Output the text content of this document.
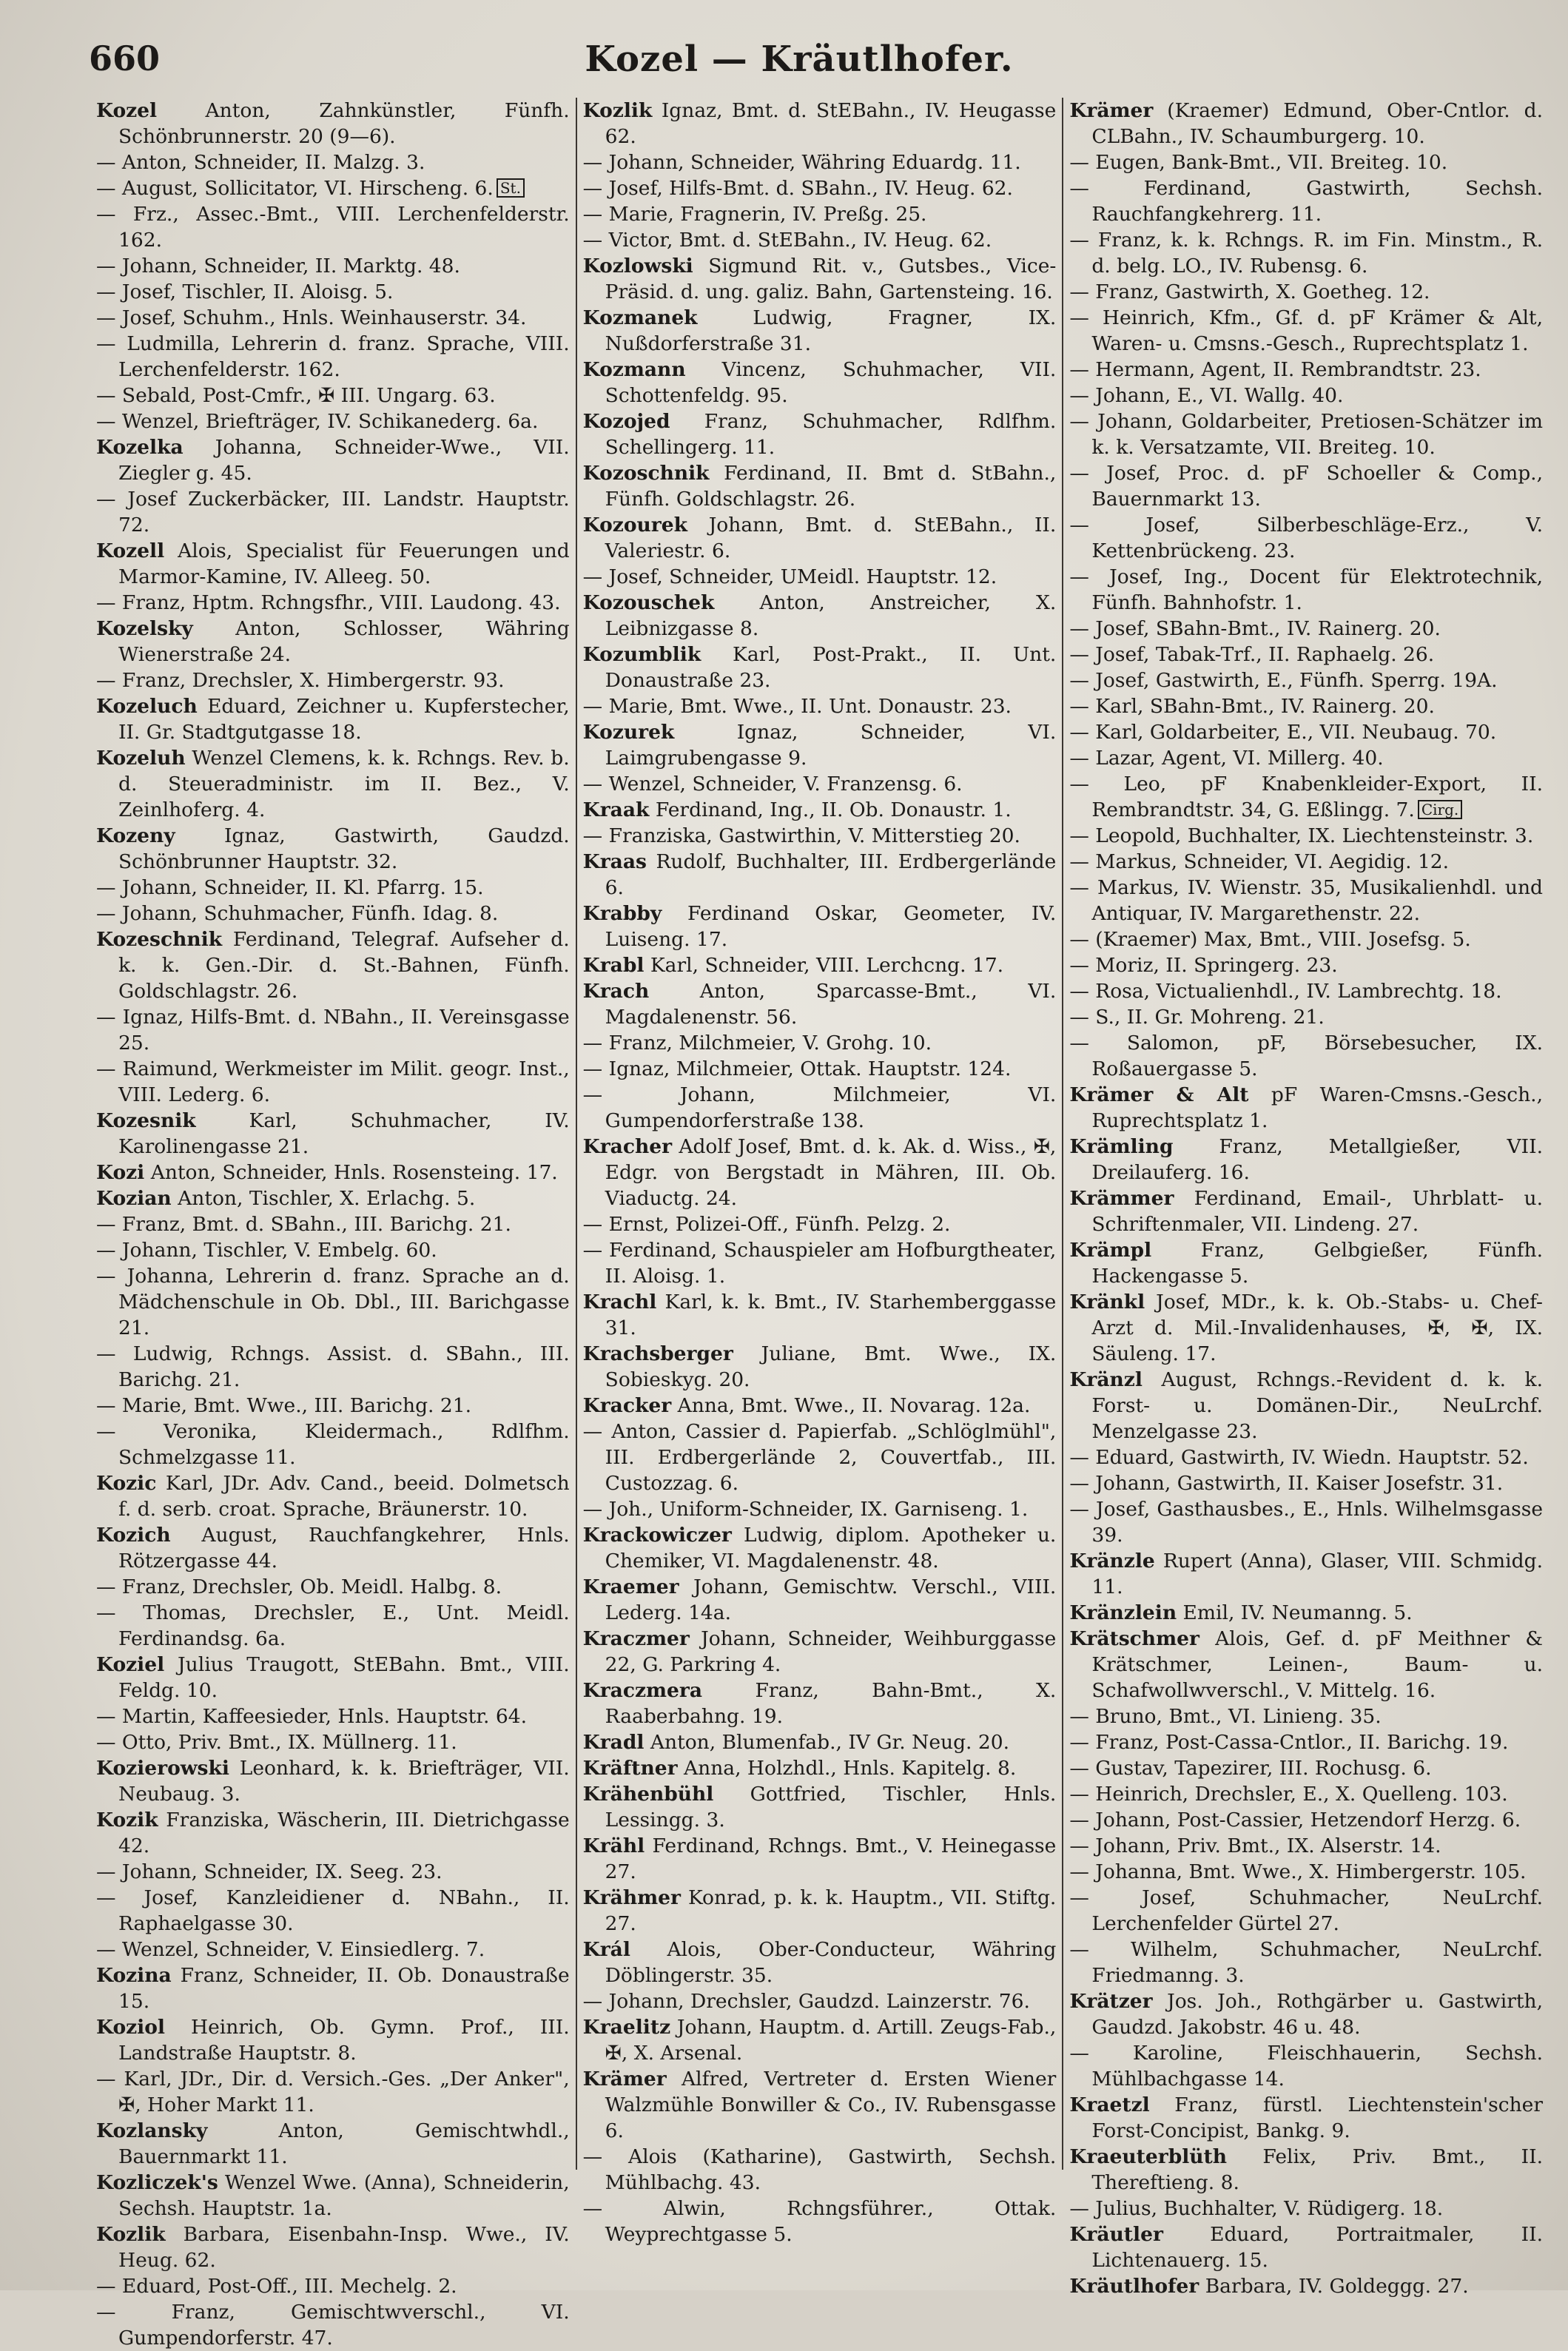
660	Kozel — Kräutlhofer.

Kozel Anton, Zahnkünstler, Fünfh. Schönbrunnerstr. 20 (9—6).

— Anton, Schneider, II. Malzg. 3.

— August, Sollicitator, VI. Hirscheng. 6. St.

— Frz., Assec.-Bmt., VIII. Lerchenfelderstr. 162.

— Johann, Schneider, II. Marktg. 48.

— Josef, Tischler, II. Aloisg. 5.

— Josef, Schuhm., Hnls. Weinhauserstr. 34.

— Ludmilla, Lehrerin d. franz. Sprache, VIII. Lerchenfelderstr. 162.

— Sebald, Post-Cmfr., ✠ III. Ungarg. 63.

— Wenzel, Briefträger, IV. Schikanederg. 6a.

Kozelka Johanna, Schneider-Wwe., VII. Ziegler g. 45.

— Josef Zuckerbäcker, III. Landstr. Hauptstr. 72.

Kozell Alois, Specialist für Feuerungen und Marmor-Kamine, IV. Alleeg. 50.

— Franz, Hptm. Rchngsfhr., VIII. Laudong. 43.

Kozelsky Anton, Schlosser, Währing Wienerstraße 24.

— Franz, Drechsler, X. Himbergerstr. 93.

Kozeluch Eduard, Zeichner u. Kupferstecher, II. Gr. Stadtgutgasse 18.

Kozeluh Wenzel Clemens, k. k. Rchngs. Rev. b. d. Steueradministr. im II. Bez., V. Zeinlhoferg. 4.

Kozeny	Ignaz, Gastwirth, Gaudzd. Schönbrunner Hauptstr. 32.

— Johann, Schneider, II. Kl. Pfarrg. 15.

— Johann, Schuhmacher, Fünfh. Idag. 8.

Kozeschnik Ferdinand, Telegraf. Aufseher d. k. k. Gen.-Dir. d. St.-Bahnen, Fünfh. Goldschlagstr. 26.

— Ignaz, Hilfs-Bmt. d. NBahn., II. Vereinsgasse 25.

— Raimund, Werkmeister im Milit. geogr. Inst., VIII. Lederg. 6.

Kozesnik	Karl, Schuhmacher, IV. Karolinengasse 21.

Kozi Anton, Schneider, Hnls. Rosensteing. 17.

Kozian Anton, Tischler, X. Erlachg. 5.

— Franz, Bmt. d. SBahn., III. Barichg. 21.

— Johann, Tischler, V. Embelg. 60.

— Johanna, Lehrerin d. franz. Sprache an d. Mädchenschule in Ob. Dbl., III. Barichgasse 21.

— Ludwig, Rchngs. Assist. d. SBahn., III. Barichg. 21.

— Marie, Bmt. Wwe., III. Barichg. 21.

— Veronika, Kleidermach., Rdlfhm. Schmelzgasse 11.

Kozic Karl, JDr. Adv. Cand., beeid. Dolmetsch f. d. serb. croat. Sprache, Bräunerstr. 10.

Kozich August, Rauchfangkehrer, Hnls. Rötzergasse 44.

— Franz, Drechsler, Ob. Meidl. Halbg. 8.

— Thomas, Drechsler, E., Unt. Meidl. Ferdinandsg. 6a.

Koziel Julius Traugott, StEBahn. Bmt., VIII. Feldg. 10.

— Martin, Kaffeesieder, Hnls. Hauptstr. 64.

— Otto, Priv. Bmt., IX. Müllnerg. 11.

Kozierowski Leonhard, k. k. Briefträger, VII. Neubaug. 3.

Kozik Franziska, Wäscherin, III. Dietrichgasse 42.

— Johann, Schneider, IX. Seeg. 23.

— Josef, Kanzleidiener d. NBahn., II. Raphaelgasse 30.

— Wenzel, Schneider, V. Einsiedlerg. 7.

Kozina Franz, Schneider, II. Ob. Donaustraße 15.

Koziol Heinrich, Ob. Gymn. Prof., III. Landstraße Hauptstr. 8.

— Karl, JDr., Dir. d. Versich.-Ges. „Der Anker", ✠, Hoher Markt 11.

Kozlansky	Anton, Gemischtwhdl., Bauernmarkt 11.

Kozliczek's Wenzel Wwe. (Anna), Schneiderin, Sechsh. Hauptstr. 1a.

Kozlik Barbara, Eisenbahn-Insp. Wwe., IV. Heug. 62.

— Eduard, Post-Off., III. Mechelg. 2.

— Franz, Gemischtwverschl., VI. Gumpendorferstr. 47.

Kozlik Ignaz, Bmt. d. StEBahn., IV. Heugasse 62.

— Johann, Schneider, Währing Eduardg. 11.

— Josef, Hilfs-Bmt. d. SBahn., IV. Heug. 62.

— Marie, Fragnerin, IV. Preßg. 25.

— Victor, Bmt. d. StEBahn., IV. Heug. 62.

Kozlowski Sigmund Rit. v., Gutsbes., Vice-Präsid. d. ung. galiz. Bahn, Gartensteing. 16.

Kozmanek	Ludwig, Fragner, IX. Nußdorferstraße 31.

Kozmann Vincenz, Schuhmacher, VII. Schottenfeldg. 95.

Kozojed Franz, Schuhmacher, Rdlfhm. Schellingerg. 11.

Kozoschnik Ferdinand, II. Bmt d. StBahn., Fünfh. Goldschlagstr. 26.

Kozourek Johann, Bmt. d. StEBahn., II. Valeriestr. 6.

— Josef, Schneider, UMeidl. Hauptstr. 12.

Kozouschek Anton, Anstreicher, X. Leibnizgasse 8.

Kozumblik Karl, Post-Prakt., II. Unt. Donaustraße 23.

— Marie, Bmt. Wwe., II. Unt. Donaustr. 23.

Kozurek	Ignaz, Schneider, VI. Laimgrubengasse 9.

— Wenzel, Schneider, V. Franzensg. 6.

Kraak Ferdinand, Ing., II. Ob. Donaustr. 1.

— Franziska, Gastwirthin, V. Mitterstieg 20.

Kraas Rudolf, Buchhalter, III. Erdbergerlände 6.

Krabby Ferdinand Oskar, Geometer, IV. Luiseng. 17.

Krabl Karl, Schneider, VIII. Lerchcng. 17.

Krach	Anton, Sparcasse-Bmt., VI. Magdalenenstr. 56.

— Franz, Milchmeier, V. Grohg. 10.

— Ignaz, Milchmeier, Ottak. Hauptstr. 124.

— Johann, Milchmeier, VI. Gumpendorferstraße 138.

Kracher Adolf Josef, Bmt. d. k. Ak. d. Wiss., ✠, Edgr. von Bergstadt in Mähren, III. Ob. Viaductg. 24.

— Ernst, Polizei-Off., Fünfh. Pelzg. 2.

— Ferdinand, Schauspieler am Hofburgtheater, II. Aloisg. 1.

Krachl Karl, k. k. Bmt., IV. Starhemberggasse 31.

Krachsberger Juliane, Bmt. Wwe., IX. Sobieskyg. 20.

Kracker Anna, Bmt. Wwe., II. Novarag. 12a.

— Anton, Cassier d. Papierfab. „Schlöglmühl", III. Erdbergerlände 2, Couvertfab., III. Custozzag. 6.

— Joh., Uniform-Schneider, IX. Garniseng. 1.

Krackowiczer Ludwig, diplom. Apotheker u. Chemiker, VI. Magdalenenstr. 48.

Kraemer Johann, Gemischtw. Verschl., VIII. Lederg. 14a.

Kraczmer Johann, Schneider, Weihburggasse 22, G. Parkring 4.

Kraczmera	Franz, Bahn-Bmt., X. Raaberbahng. 19.

Kradl Anton, Blumenfab., IV Gr. Neug. 20.

Kräftner Anna, Holzhdl., Hnls. Kapitelg. 8.

Krähenbühl Gottfried, Tischler, Hnls. Lessingg. 3.

Krähl Ferdinand, Rchngs. Bmt., V. Heinegasse 27.

Krähmer Konrad, p. k. k. Hauptm., VII. Stiftg. 27.

Král Alois, Ober-Conducteur, Währing Döblingerstr. 35.

— Johann, Drechsler, Gaudzd. Lainzerstr. 76.

Kraelitz Johann, Hauptm. d. Artill. Zeugs-Fab., ✠, X. Arsenal.

Krämer Alfred, Vertreter d. Ersten Wiener Walzmühle Bonwiller & Co., IV. Rubensgasse 6.

— Alois (Katharine), Gastwirth, Sechsh. Mühlbachg. 43.

— Alwin, Rchngsführer., Ottak. Weyprechtgasse 5.

Krämer (Kraemer) Edmund, Ober-Cntlor. d. CLBahn., IV. Schaumburgerg. 10.

— Eugen, Bank-Bmt., VII. Breiteg. 10.

— Ferdinand, Gastwirth, Sechsh. Rauchfangkehrerg. 11.

— Franz, k. k. Rchngs. R. im Fin. Minstm., R. d. belg. LO., IV. Rubensg. 6.

— Franz, Gastwirth, X. Goetheg. 12.

— Heinrich, Kfm., Gf. d. pF Krämer & Alt, Waren- u. Cmsns.-Gesch., Ruprechtsplatz 1.

— Hermann, Agent, II. Rembrandtstr. 23.

— Johann, E., VI. Wallg. 40.

— Johann, Goldarbeiter, Pretiosen-Schätzer im k. k. Versatzamte, VII. Breiteg. 10.

— Josef, Proc. d. pF Schoeller & Comp., Bauernmarkt 13.

— Josef, Silberbeschläge-Erz., V. Kettenbrückeng. 23.

— Josef, Ing., Docent für Elektrotechnik, Fünfh. Bahnhofstr. 1.

— Josef, SBahn-Bmt., IV. Rainerg. 20.

— Josef, Tabak-Trf., II. Raphaelg. 26.

— Josef, Gastwirth, E., Fünfh. Sperrg. 19A.

— Karl, SBahn-Bmt., IV. Rainerg. 20.

— Karl, Goldarbeiter, E., VII. Neubaug. 70.

— Lazar, Agent, VI. Millerg. 40.

— Leo, pF Knabenkleider-Export, II. Rembrandtstr. 34, G. Eßlingg. 7. Cirg.

— Leopold, Buchhalter, IX. Liechtensteinstr. 3.

— Markus, Schneider, VI. Aegidig. 12.

— Markus, IV. Wienstr. 35, Musikalienhdl. und Antiquar, IV. Margarethenstr. 22.

— (Kraemer) Max, Bmt., VIII. Josefsg. 5.

— Moriz, II. Springerg. 23.

— Rosa, Victualienhdl., IV. Lambrechtg. 18.

— S., II. Gr. Mohreng. 21.

— Salomon, pF, Börsebesucher, IX. Roßauergasse 5.

Krämer & Alt pF Waren-Cmsns.-Gesch., Ruprechtsplatz 1.

Krämling Franz, Metallgießer, VII. Dreilauferg. 16.

Krämmer Ferdinand, Email-, Uhrblatt- u. Schriftenmaler, VII. Lindeng. 27.

Krämpl	Franz, Gelbgießer, Fünfh. Hackengasse 5.

Kränkl Josef, MDr., k. k. Ob.-Stabs- u. Chef-Arzt d. Mil.-Invalidenhauses, ✠, ✠, IX. Säuleng. 17.

Kränzl August, Rchngs.-Revident d. k. k. Forst- u. Domänen-Dir., NeuLrchf. Menzelgasse 23.

— Eduard, Gastwirth, IV. Wiedn. Hauptstr. 52.

— Johann, Gastwirth, II. Kaiser Josefstr. 31.

— Josef, Gasthausbes., E., Hnls. Wilhelmsgasse 39.

Kränzle Rupert (Anna), Glaser, VIII. Schmidg. 11.

Kränzlein Emil, IV. Neumanng. 5.

Krätschmer Alois, Gef. d. pF Meithner & Krätschmer, Leinen-, Baum- u. Schafwollwverschl., V. Mittelg. 16.

— Bruno, Bmt., VI. Linieng. 35.

— Franz, Post-Cassa-Cntlor., II. Barichg. 19.

— Gustav, Tapezirer, III. Rochusg. 6.

— Heinrich, Drechsler, E., X. Quelleng. 103.

— Johann, Post-Cassier, Hetzendorf Herzg. 6.

— Johann, Priv. Bmt., IX. Alserstr. 14.

— Johanna, Bmt. Wwe., X. Himbergerstr. 105.

— Josef, Schuhmacher, NeuLrchf. Lerchenfelder Gürtel 27.

— Wilhelm, Schuhmacher, NeuLrchf. Friedmanng. 3.

Krätzer Jos. Joh., Rothgärber u. Gastwirth, Gaudzd. Jakobstr. 46 u. 48.

— Karoline, Fleischhauerin, Sechsh. Mühlbachgasse 14.

Kraetzl Franz, fürstl. Liechtenstein'scher Forst-Concipist, Bankg. 9.

Kraeuterblüth Felix, Priv. Bmt., II. Thereftieng. 8.

— Julius, Buchhalter, V. Rüdigerg. 18.

Kräutler Eduard, Portraitmaler, II. Lichtenauerg. 15.

Kräutlhofer Barbara, IV. Goldeggg. 27.
